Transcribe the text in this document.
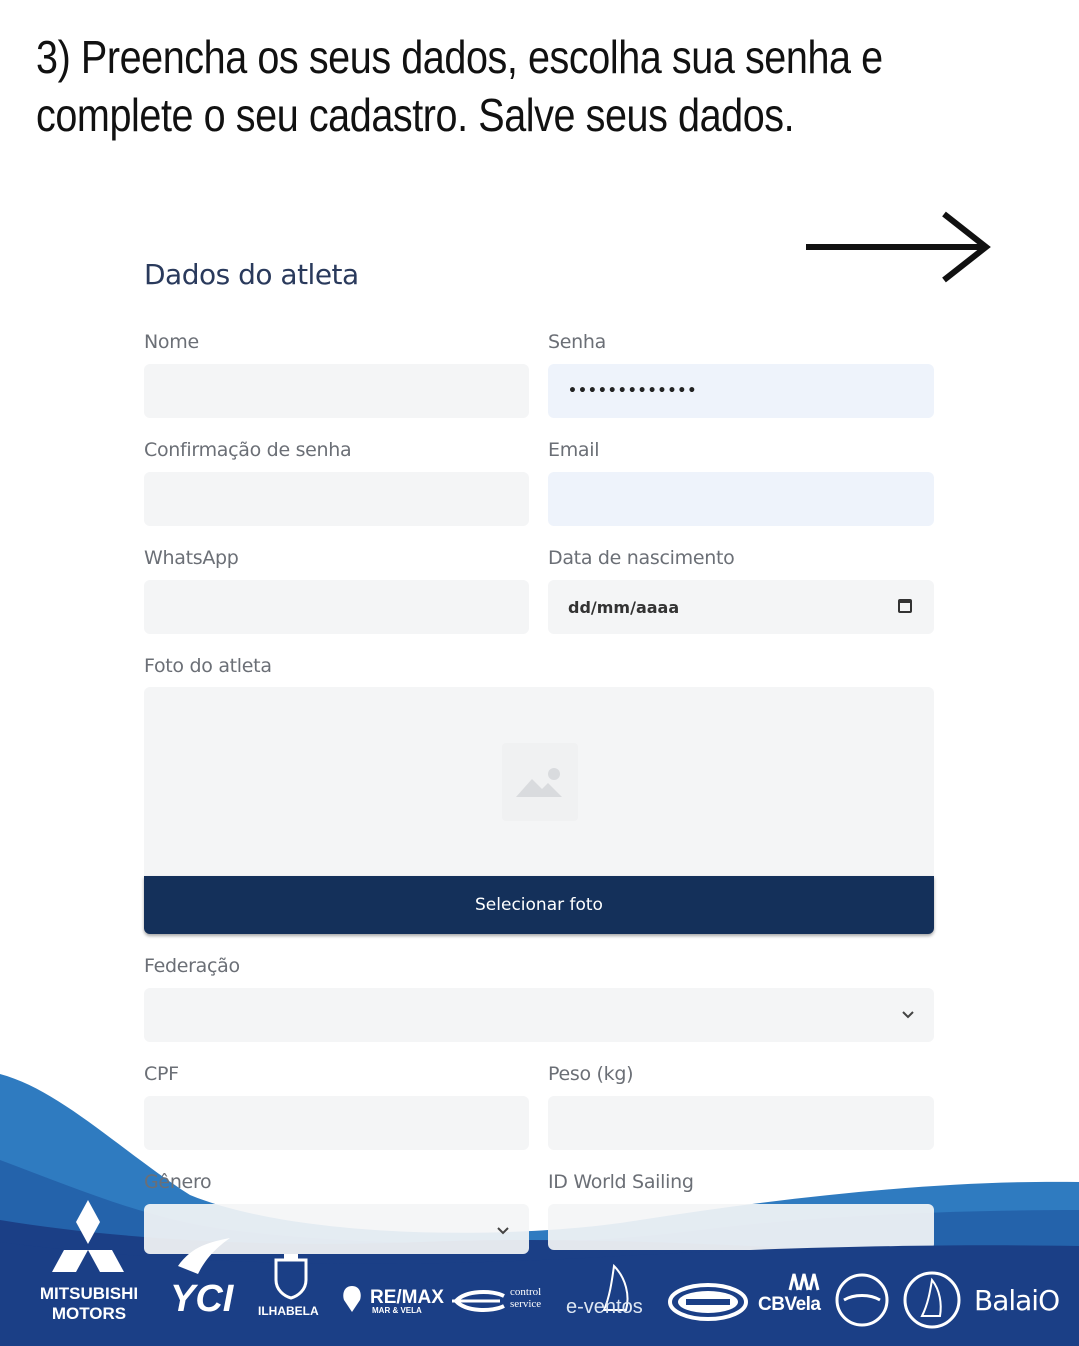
3) Preencha os seus dados, escolha sua senha e
complete o seu cadastro. Salve seus dados.
Dados do atleta
Nome	Senha
•••••••••••••
Confirmação de senha	Email
WhatsApp	Data de nascimento
dd/mm/aaaa
Foto do atleta
Selecionar foto
Federação
CPF	Peso (kg)
Gênero	ID World Sailing
MITSUBISHI
MOTORS	YCI ILHABELA
RE/MAX
MAR & VELA
control
service e-ventos	CBVela	BalaiO
